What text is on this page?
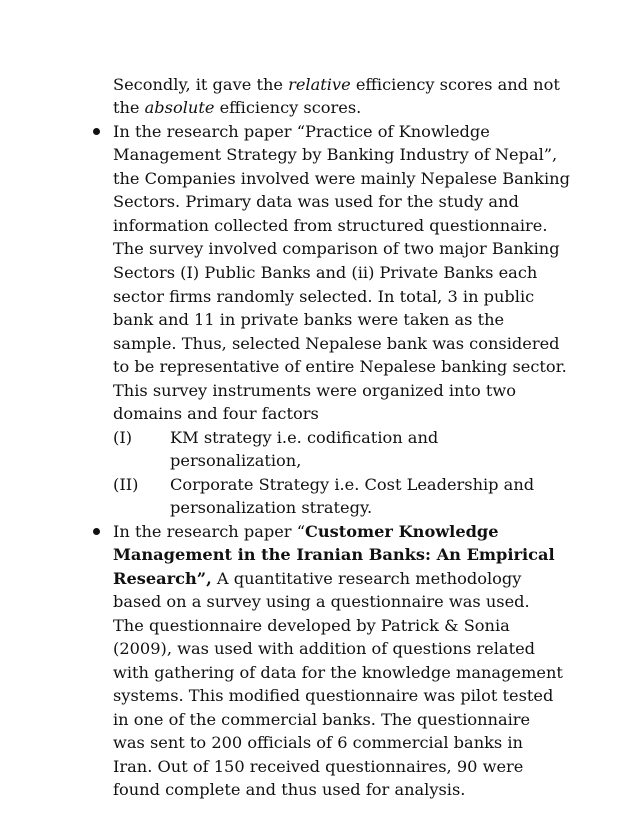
Secondly, it gave the relative efficiency scores and not
the absolute efficiency scores.
In the research paper “Practice of Knowledge
Management Strategy by Banking Industry of Nepal”,
the Companies involved were mainly Nepalese Banking
Sectors. Primary data was used for the study and
information collected from structured questionnaire.
The survey involved comparison of two major Banking
Sectors (I) Public Banks and (ii) Private Banks each
sector firms randomly selected. In total, 3 in public
bank and 11 in private banks were taken as the
sample. Thus, selected Nepalese bank was considered
to be representative of entire Nepalese banking sector.
This survey instruments were organized into two
domains and four factors
(I) KM strategy i.e. codification and
personalization,
(II) Corporate Strategy i.e. Cost Leadership and
personalization strategy.
In the research paper “Customer Knowledge
Management in the Iranian Banks: An Empirical
Research”, A quantitative research methodology
based on a survey using a questionnaire was used.
The questionnaire developed by Patrick & Sonia
(2009), was used with addition of questions related
with gathering of data for the knowledge management
systems. This modified questionnaire was pilot tested
in one of the commercial banks. The questionnaire
was sent to 200 officials of 6 commercial banks in
Iran. Out of 150 received questionnaires, 90 were
found complete and thus used for analysis.
